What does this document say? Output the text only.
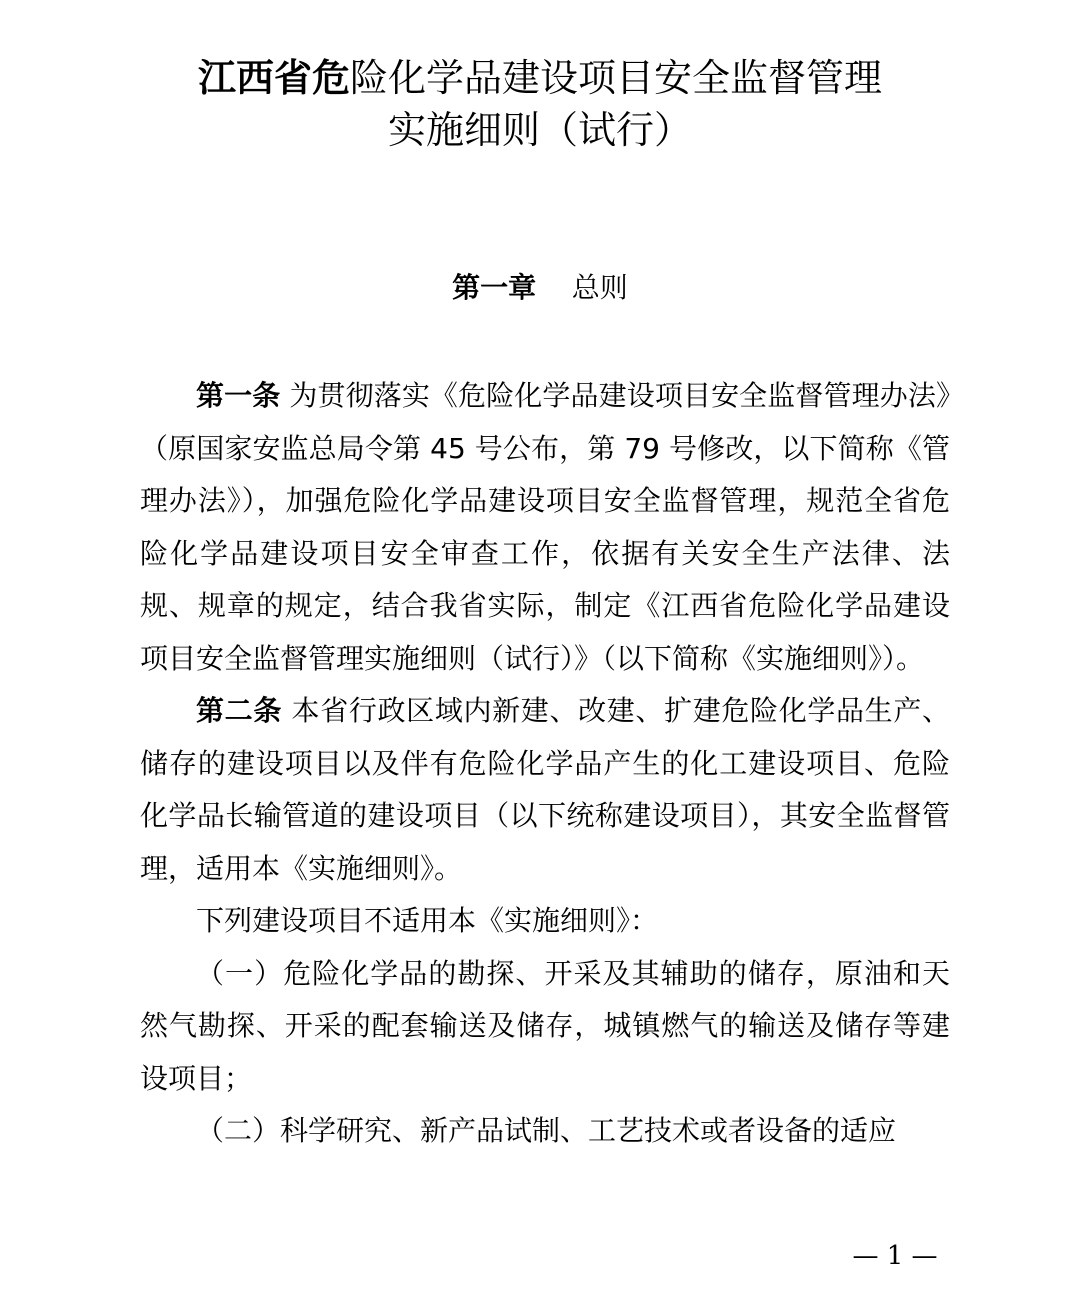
江西省危险化学品建设项目安全监督管理
实施细则（试行）
第一章 总则

第一条 为贯彻落实《危险化学品建设项目安全监督管理办法》（原国家安监总局令第 45 号公布，第 79 号修改，以下简称《管理办法》），加强危险化学品建设项目安全监督管理，规范全省危险化学品建设项目安全审查工作，依据有关安全生产法律、法规、规章的规定，结合我省实际，制定《江西省危险化学品建设项目安全监督管理实施细则（试行）》（以下简称《实施细则》）。

第二条 本省行政区域内新建、改建、扩建危险化学品生产、储存的建设项目以及伴有危险化学品产生的化工建设项目、危险化学品长输管道的建设项目（以下统称建设项目），其安全监督管理，适用本《实施细则》。

下列建设项目不适用本《实施细则》：

（一）危险化学品的勘探、开采及其辅助的储存，原油和天然气勘探、开采的配套输送及储存，城镇燃气的输送及储存等建设项目；

（二）科学研究、新产品试制、工艺技术或者设备的适应

— 1 —
